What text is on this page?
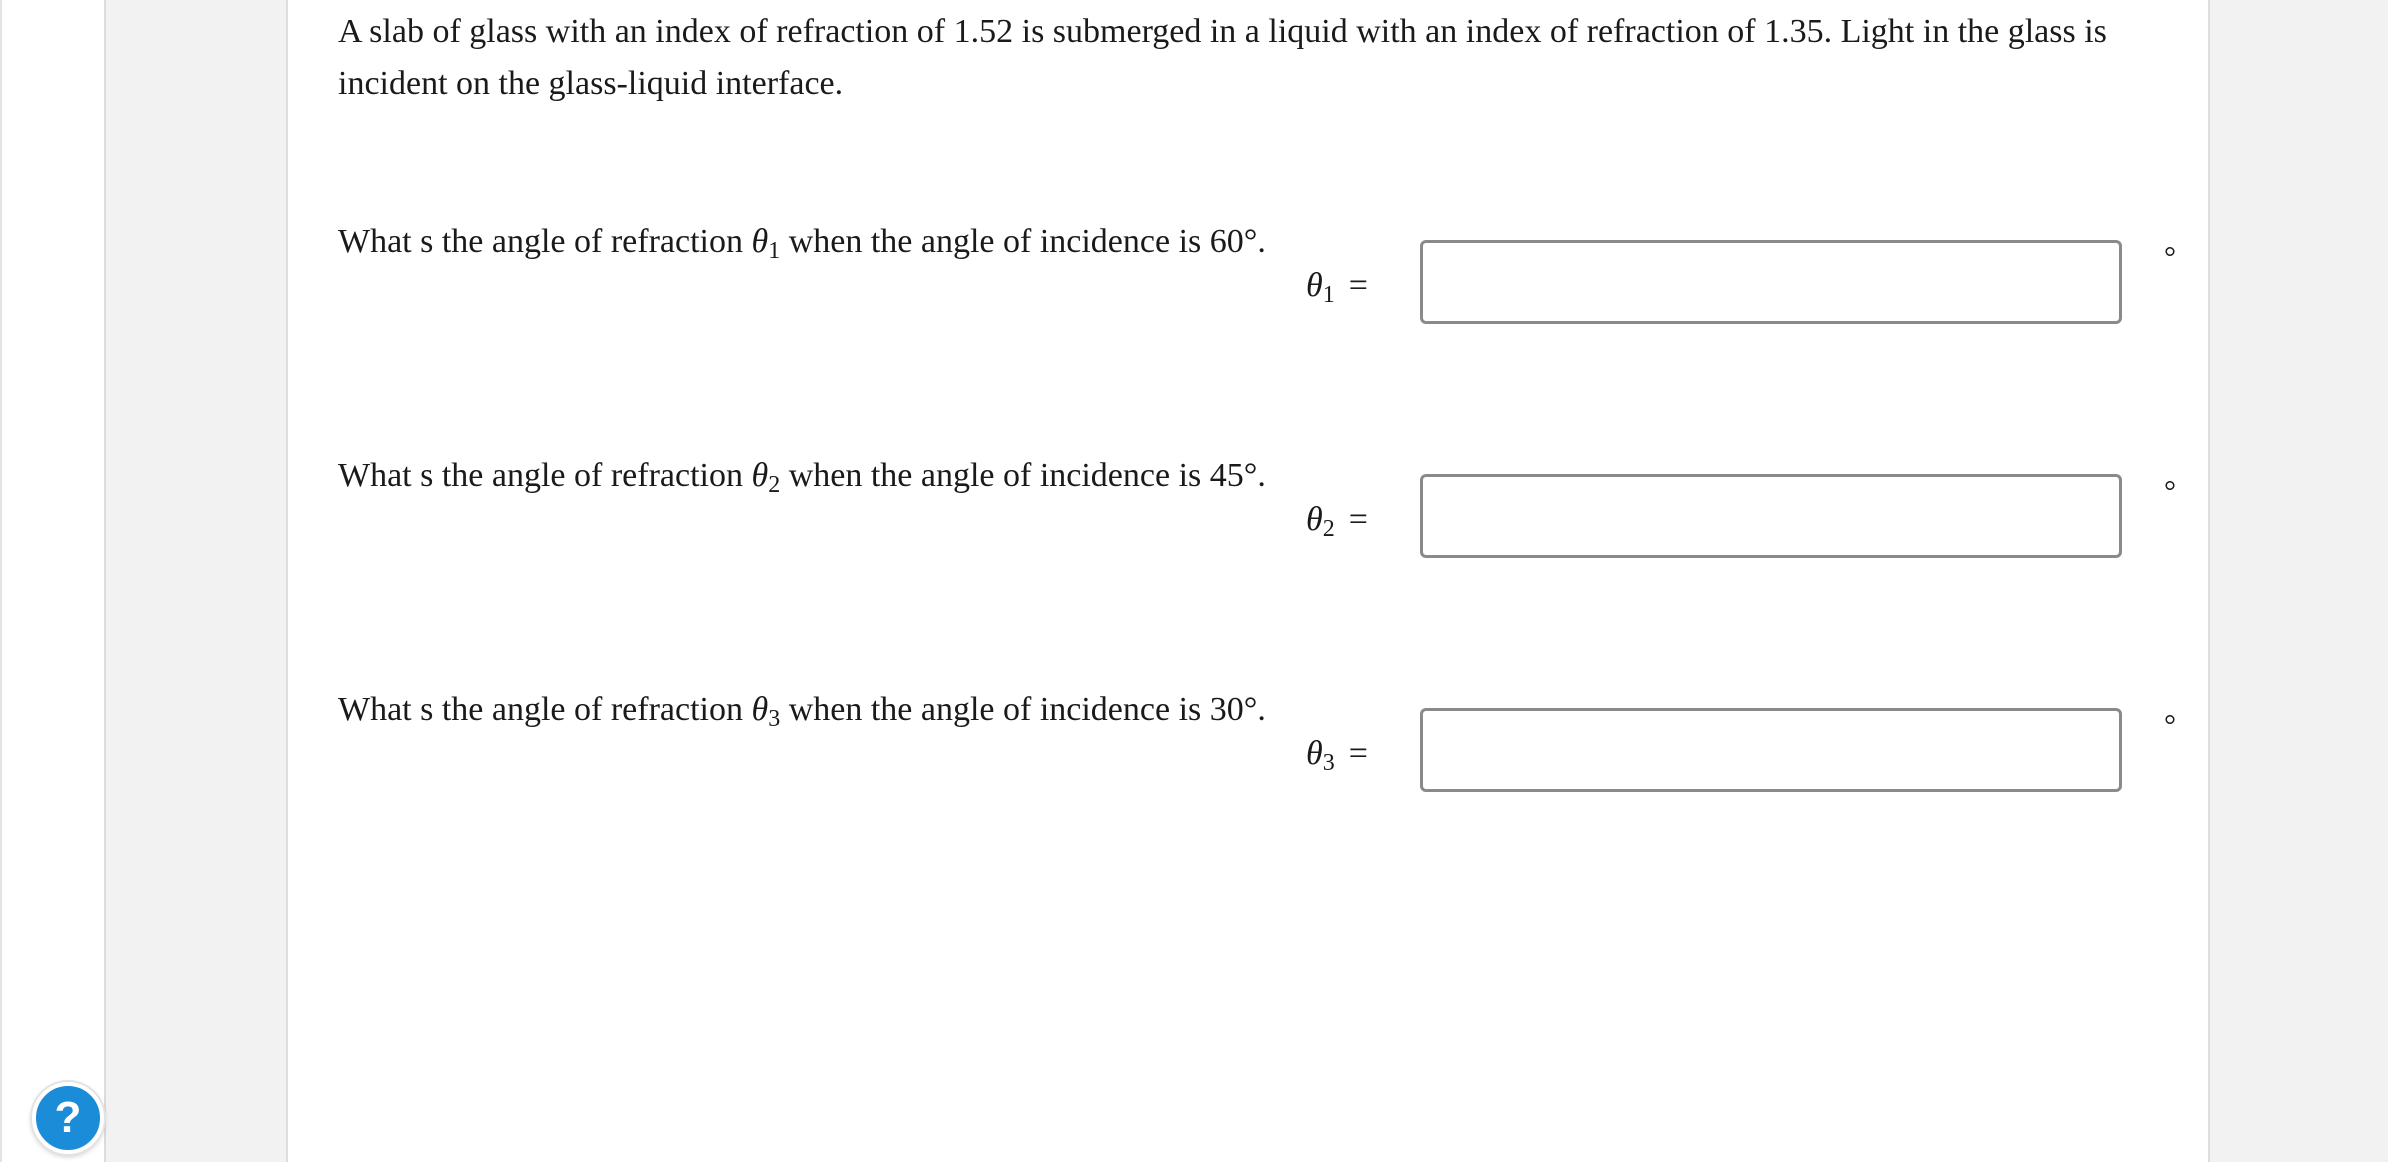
A slab of glass with an index of refraction of 1.52 is submerged in a liquid with an index of refraction of 1.35. Light in the glass is incident on the glass-liquid interface.

What s the angle of refraction θ1 when the angle of incidence is 60°.

θ1 =
°

What s the angle of refraction θ2 when the angle of incidence is 45°.

θ2 =
°

What s the angle of refraction θ3 when the angle of incidence is 30°.

θ3 =
°
?
